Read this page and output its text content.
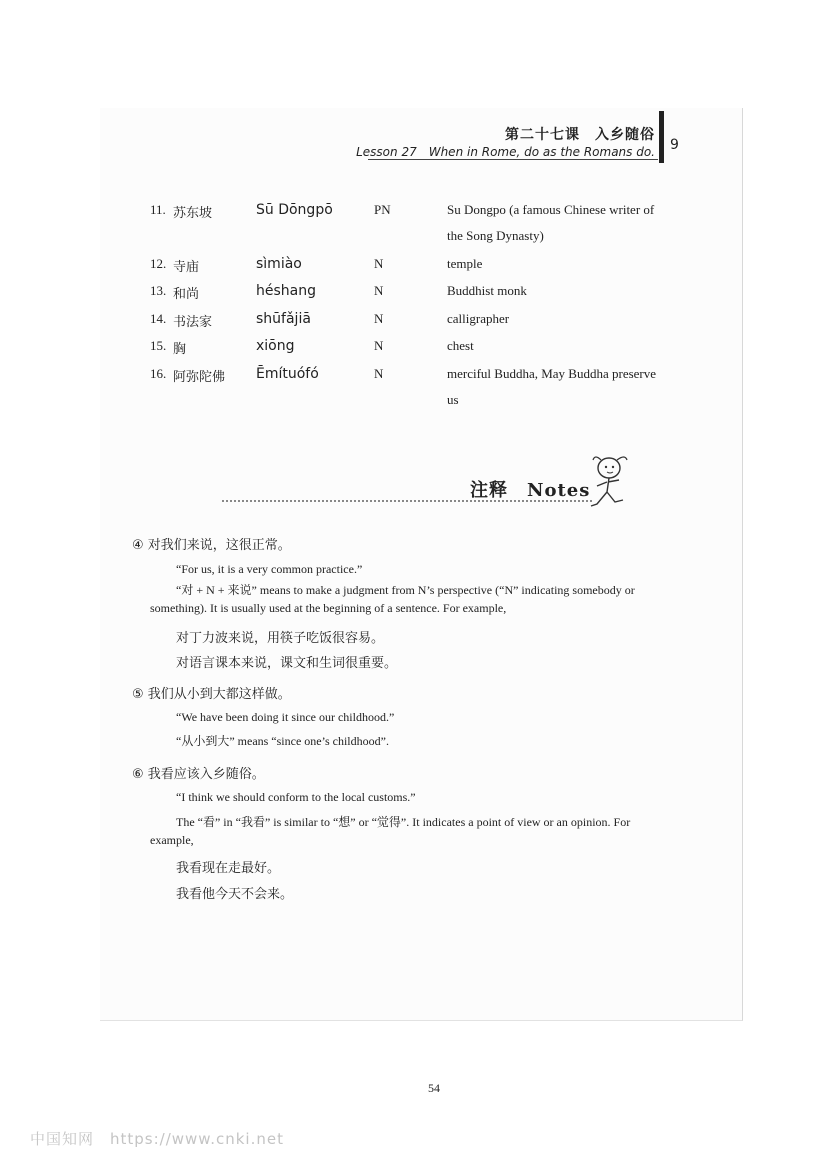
第二十七课　入乡随俗
Lesson 27　When in Rome, do as the Romans do. 9
11. 苏东坡	Sū Dōngpō	PN	Su Dongpo (a famous Chinese writer of the Song Dynasty)
12. 寺庙	sìmiào	N	temple
13. 和尚	héshang	N	Buddhist monk
14. 书法家	shūfǎjiā	N	calligrapher
15. 胸	xiōng	N	chest
16. 阿弥陀佛 Ēmítuófó	N	merciful Buddha, May Buddha preserve us
注释　Notes
④ 对我们来说，这很正常。
“For us, it is a very common practice.”
“对 + N + 来说” means to make a judgment from N’s perspective (“N” indicating somebody or something). It is usually used at the beginning of a sentence. For example,
对丁力波来说，用筷子吃饭很容易。
对语言课本来说，课文和生词很重要。
⑤ 我们从小到大都这样做。
“We have been doing it since our childhood.”
“从小到大” means “since one’s childhood”.
⑥ 我看应该入乡随俗。
“I think we should conform to the local customs.”
The “看” in “我看” is similar to “想” or “觉得”. It indicates a point of view or an opinion. For example,
我看现在走最好。
我看他今天不会来。
54
中国知网　https://www.cnki.net
